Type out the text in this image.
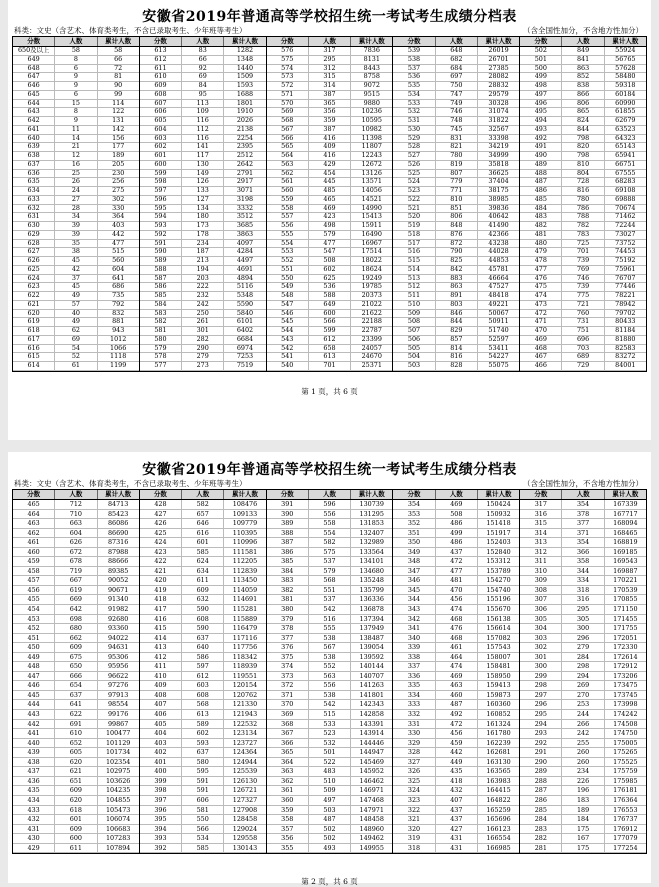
安徽省2019年普通高等学校招生统一考试考生成绩分档表
科类：文史（含艺术、体育类考生，不含已录取考生、少年班等考生）	（含全国性加分，不含地方性加分）
分数	人数	累计人数
650及以上	58	58
649	8	66
648	6	72
647	9	81
646	9	90
645	6	99
644	15	114
643	8	122
642	9	131
641	11	142
640	14	156
639	21	177
638	12	189
637	16	205
636	25	230
635	26	256
634	24	275
633	27	302
632	28	330
631	34	364
630	39	403
629	39	442
628	35	477
627	38	515
626	45	560
625	42	604
624	37	641
623	45	686
622	49	735
621	57	792
620	40	832
619	49	881
618	62	943
617	69	1012
616	54	1066
615	52	1118
614	61	1199
分数	人数	累计人数
613	83	1282
612	66	1348
611	92	1440
610	69	1509
609	84	1593
608	95	1688
607	113	1801
606	109	1910
605	116	2026
604	112	2138
603	116	2254
602	141	2395
601	117	2512
600	130	2642
599	149	2791
598	126	2917
597	133	3071
596	127	3198
595	134	3332
594	180	3512
593	173	3685
592	178	3863
591	234	4097
590	187	4284
589	213	4497
588	194	4691
587	203	4894
586	222	5116
585	232	5348
584	242	5590
583	250	5840
582	261	6101
581	301	6402
580	282	6684
579	290	6974
578	279	7253
577	273	7519
分数	人数	累计人数
576	317	7836
575	295	8131
574	312	8443
573	315	8758
572	314	9072
571	387	9515
570	365	9880
569	356	10236
568	359	10595
567	387	10982
566	416	11398
565	409	11807
564	416	12243
563	429	12672
562	454	13126
561	445	13571
560	485	14056
559	465	14521
558	469	14990
557	423	15413
556	498	15911
555	579	16490
554	477	16967
553	547	17514
552	508	18022
551	602	18624
550	625	19249
549	536	19785
548	588	20373
547	649	21022
546	600	21622
545	566	22188
544	599	22787
543	612	23399
542	658	24057
541	613	24670
540	701	25371
分数	人数	累计人数
539	648	26019
538	682	26701
537	684	27385
536	697	28082
535	750	28832
534	747	29579
533	749	30328
532	746	31074
531	748	31822
530	745	32567
529	831	33398
528	821	34219
527	780	34999
526	819	35818
525	807	36625
524	779	37404
523	771	38175
522	810	38985
521	851	39836
520	806	40642
519	848	41490
518	876	42366
517	872	43238
516	790	44028
515	825	44853
514	842	45781
513	883	46664
512	863	47527
511	891	48418
510	803	49221
509	846	50067
508	844	50911
507	829	51740
506	857	52597
505	814	53411
504	816	54227
503	828	55075
分数	人数	累计人数
502	849	55924
501	841	56765
500	863	57628
499	852	58480
498	838	59318
497	866	60184
496	806	60990
495	865	61855
494	824	62679
493	844	63523
492	798	64323
491	820	65143
490	798	65941
489	810	66751
488	804	67555
487	728	68283
486	816	69108
485	780	69888
484	786	70674
483	788	71462
482	782	72244
481	783	73027
480	725	73752
479	701	74453
478	739	75192
477	769	75961
476	746	76707
475	739	77446
474	775	78221
473	721	78942
472	760	79702
471	731	80433
470	751	81184
469	696	81880
468	703	82583
467	689	83272
466	729	84001
第 1 页，共 6 页
安徽省2019年普通高等学校招生统一考试考生成绩分档表
科类：文史（含艺术、体育类考生，不含已录取考生、少年班等考生）	（含全国性加分，不含地方性加分）
分数	人数	累计人数
465	712	84713
464	710	85423
463	663	86086
462	604	86690
461	626	87316
460	672	87988
459	678	88666
458	719	89385
457	667	90052
456	619	90671
455	669	91340
454	642	91982
453	698	92680
452	680	93360
451	662	94022
450	609	94631
449	675	95306
448	650	95956
447	666	96622
446	654	97276
445	637	97913
444	641	98554
443	622	99176
442	691	99867
441	610	100477
440	652	101129
439	605	101734
438	620	102354
437	621	102975
436	651	103626
435	609	104235
434	620	104855
433	618	105473
432	601	106074
431	609	106683
430	600	107283
429	611	107894
分数	人数	累计人数
428	582	108476
427	657	109133
426	646	109779
425	616	110395
424	601	110996
423	585	111581
422	624	112205
421	634	112839
420	611	113450
419	609	114059
418	632	114691
417	590	115281
416	608	115889
415	590	116479
414	637	117116
413	640	117756
412	586	118342
411	597	118939
410	612	119551
409	603	120154
408	608	120762
407	568	121330
406	613	121943
405	589	122532
404	602	123134
403	593	123727
402	637	124364
401	580	124944
400	595	125539
399	591	126130
398	591	126721
397	606	127327
396	581	127908
395	550	128458
394	566	129024
393	534	129558
392	585	130143
分数	人数	累计人数
391	596	130739
390	556	131295
389	558	131853
388	554	132407
387	582	132989
386	575	133564
385	537	134101
384	579	134680
383	568	135248
382	551	135799
381	537	136336
380	542	136878
379	516	137394
378	555	137949
377	538	138487
376	567	139054
375	538	139592
374	552	140144
373	563	140707
372	556	141263
371	538	141801
370	542	142343
369	515	142858
368	533	143391
367	523	143914
366	532	144446
365	501	144947
364	522	145469
363	483	145952
362	510	146462
361	509	146971
360	497	147468
359	503	147971
358	487	148458
357	502	148960
356	502	149462
355	493	149955
分数	人数	累计人数
354	469	150424
353	508	150932
352	486	151418
351	499	151917
350	486	152403
349	437	152840
348	472	153312
347	477	153789
346	481	154270
345	470	154740
344	456	155196
343	474	155670
342	468	156138
341	476	156614
340	468	157082
339	461	157543
338	464	158007
337	474	158481
336	469	158950
335	463	159413
334	460	159873
333	487	160360
332	492	160852
331	472	161324
330	456	161780
329	459	162239
328	442	162681
327	449	163130
326	435	163565
325	418	163983
324	432	164415
323	407	164822
322	437	165259
321	437	165696
320	427	166123
319	431	166554
318	431	166985
分数	人数	累计人数
317	354	167339
316	378	167717
315	377	168094
314	371	168465
313	354	168819
312	366	169185
311	358	169543
310	344	169887
309	334	170221
308	318	170539
307	316	170855
306	295	171150
305	305	171455
304	300	171755
303	296	172051
302	279	172330
301	284	172614
300	298	172912
299	294	173206
298	269	173475
297	270	173745
296	253	173998
295	244	174242
294	266	174508
293	242	174750
292	255	175005
291	260	175265
290	260	175525
289	234	175759
288	226	175985
287	196	176181
286	183	176364
285	189	176553
284	184	176737
283	175	176912
282	167	177079
281	175	177254
第 2 页，共 6 页
